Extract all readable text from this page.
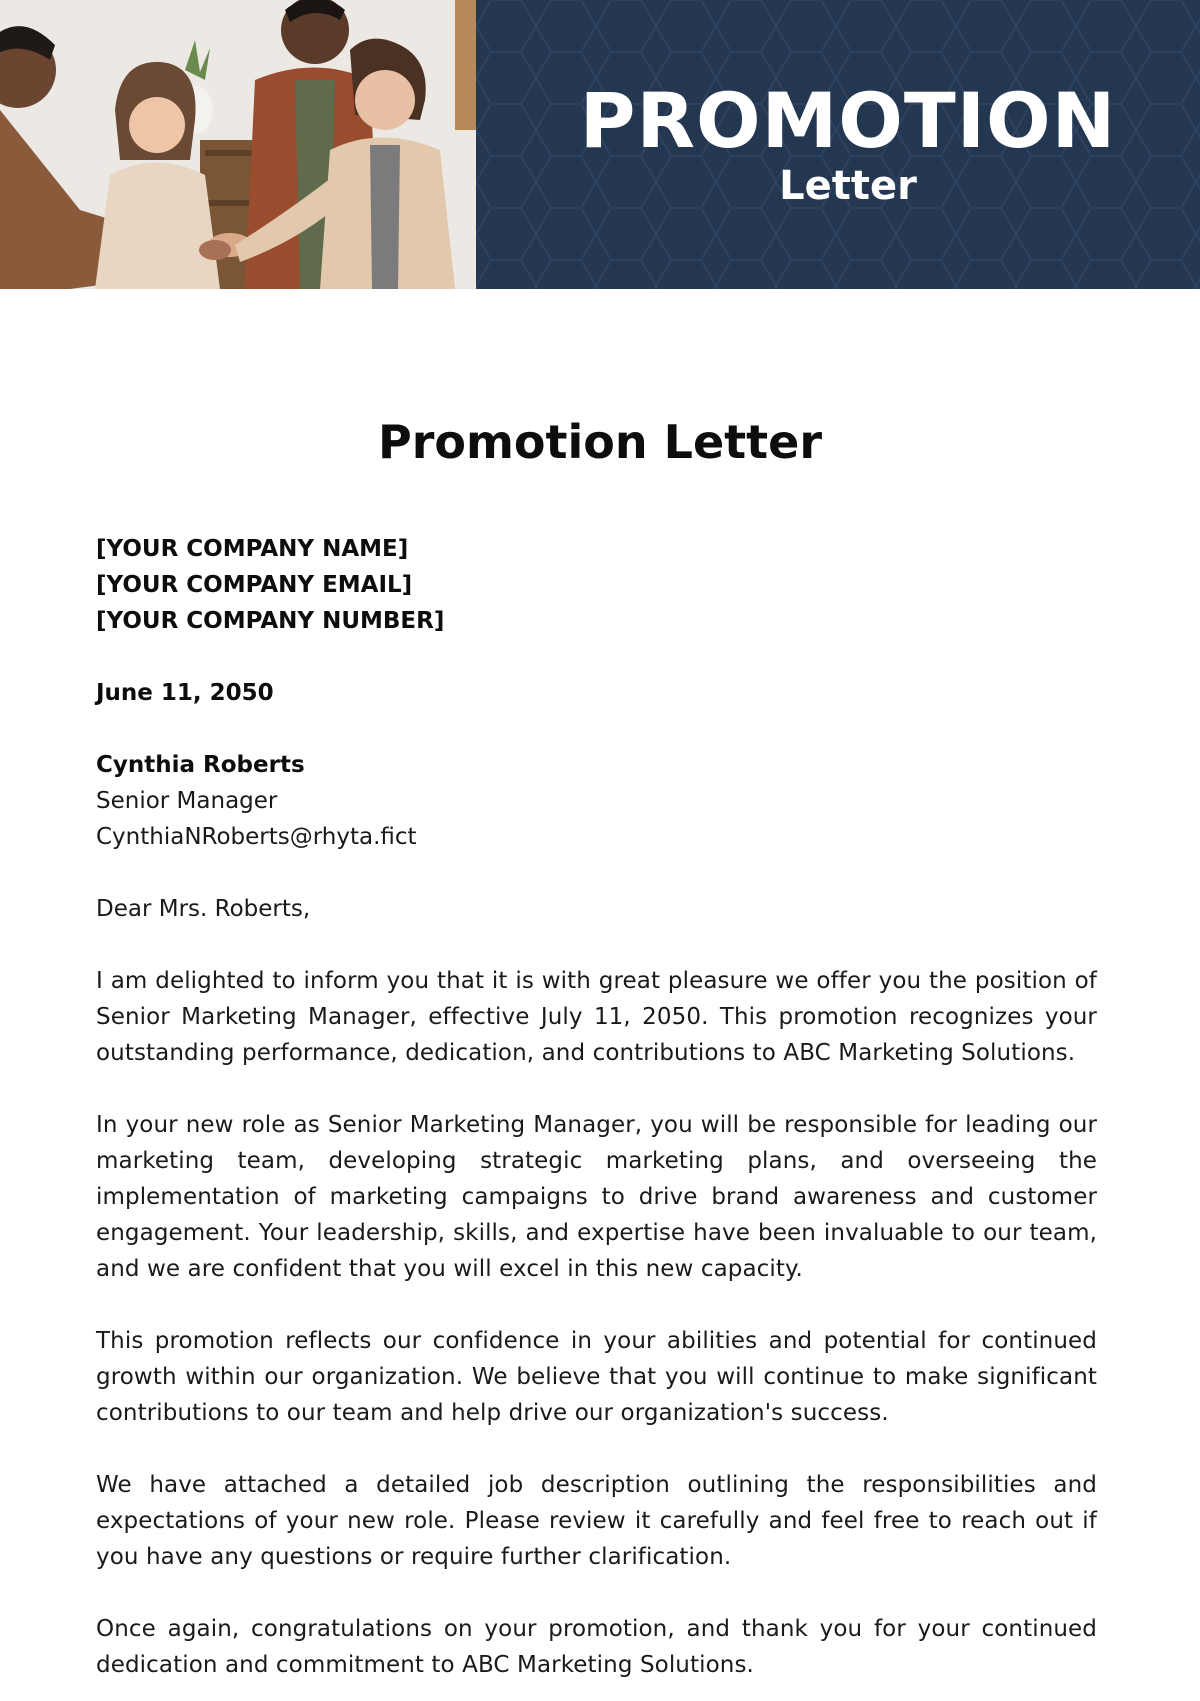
PROMOTION
Letter
Promotion Letter

[YOUR COMPANY NAME]

[YOUR COMPANY EMAIL]

[YOUR COMPANY NUMBER]

June 11, 2050

Cynthia Roberts

Senior Manager

CynthiaNRoberts@rhyta.fict

Dear Mrs. Roberts,

I am delighted to inform you that it is with great pleasure we offer you the position of Senior Marketing Manager, effective July 11, 2050. This promotion recognizes your outstanding performance, dedication, and contributions to ABC Marketing Solutions.

In your new role as Senior Marketing Manager, you will be responsible for leading our marketing team, developing strategic marketing plans, and overseeing the implementation of marketing campaigns to drive brand awareness and customer engagement. Your leadership, skills, and expertise have been invaluable to our team, and we are confident that you will excel in this new capacity.

This promotion reflects our confidence in your abilities and potential for continued growth within our organization. We believe that you will continue to make significant contributions to our team and help drive our organization's success.

We have attached a detailed job description outlining the responsibilities and expectations of your new role. Please review it carefully and feel free to reach out if you have any questions or require further clarification.

Once again, congratulations on your promotion, and thank you for your continued dedication and commitment to ABC Marketing Solutions.
